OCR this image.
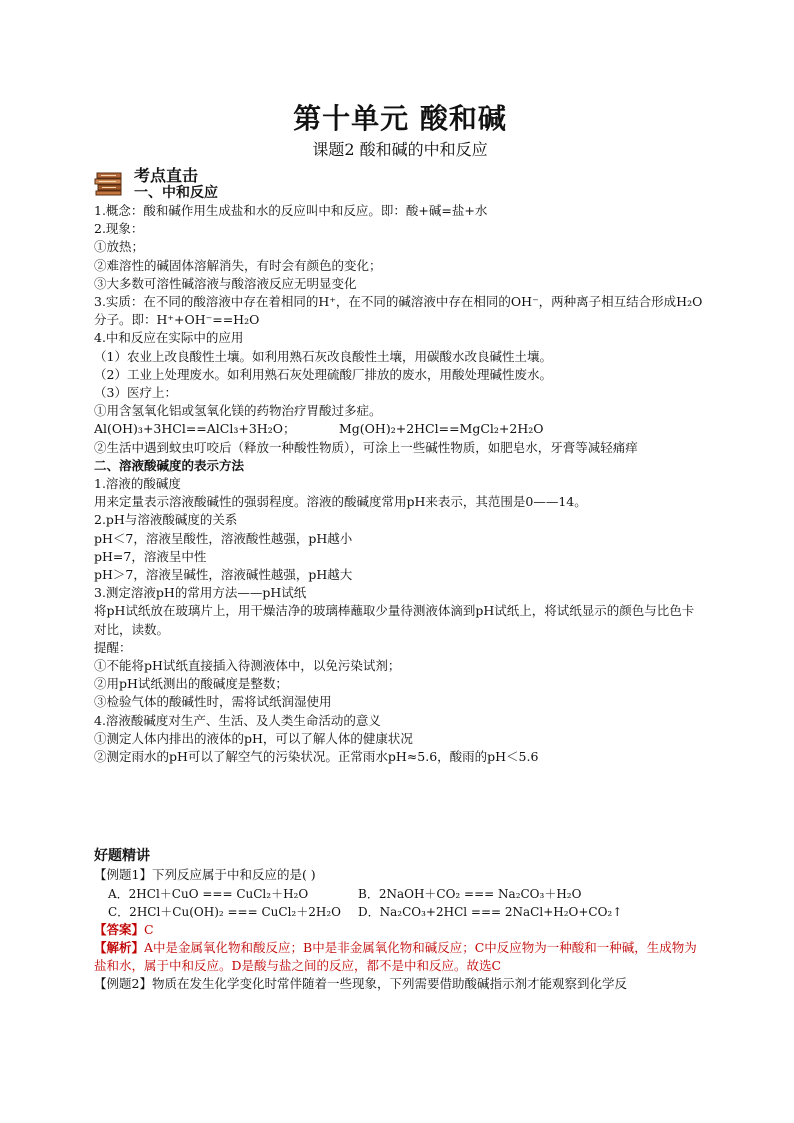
第十单元 酸和碱

课题2 酸和碱的中和反应

考点直击
一、中和反应

1.概念：酸和碱作用生成盐和水的反应叫中和反应。即：酸+碱=盐+水

2.现象：

①放热；

②难溶性的碱固体溶解消失，有时会有颜色的变化；

③大多数可溶性碱溶液与酸溶液反应无明显变化

3.实质：在不同的酸溶液中存在着相同的H⁺，在不同的碱溶液中存在相同的OH⁻，两种离子相互结合形成H₂O分子。即：H⁺+OH⁻==H₂O

4.中和反应在实际中的应用

（1）农业上改良酸性土壤。如利用熟石灰改良酸性土壤，用碳酸水改良碱性土壤。

（2）工业上处理废水。如利用熟石灰处理硫酸厂排放的废水，用酸处理碱性废水。

（3）医疗上：

①用含氢氧化铝或氢氧化镁的药物治疗胃酸过多症。

Al(OH)₃+3HCl==AlCl₃+3H₂O；	Mg(OH)₂+2HCl==MgCl₂+2H₂O

②生活中遇到蚊虫叮咬后（释放一种酸性物质），可涂上一些碱性物质，如肥皂水，牙膏等减轻痛痒

二、溶液酸碱度的表示方法

1.溶液的酸碱度

用来定量表示溶液酸碱性的强弱程度。溶液的酸碱度常用pH来表示，其范围是0——14。

2.pH与溶液酸碱度的关系

pH＜7，溶液呈酸性，溶液酸性越强，pH越小

pH=7，溶液呈中性

pH＞7，溶液呈碱性，溶液碱性越强，pH越大

3.测定溶液pH的常用方法——pH试纸

将pH试纸放在玻璃片上，用干燥洁净的玻璃棒蘸取少量待测液体滴到pH试纸上，将试纸显示的颜色与比色卡对比，读数。

提醒：

①不能将pH试纸直接插入待测液体中，以免污染试剂；

②用pH试纸测出的酸碱度是整数；

③检验气体的酸碱性时，需将试纸润湿使用

4.溶液酸碱度对生产、生活、及人类生命活动的意义

①测定人体内排出的液体的pH，可以了解人体的健康状况

②测定雨水的pH可以了解空气的污染状况。正常雨水pH≈5.6，酸雨的pH＜5.6

好题精讲

【例题1】下列反应属于中和反应的是( )

A．2HCl＋CuO === CuCl₂＋H₂O	B．2NaOH＋CO₂ === Na₂CO₃＋H₂O
C．2HCl＋Cu(OH)₂ === CuCl₂＋2H₂O	D．Na₂CO₃+2HCl === 2NaCl+H₂O+CO₂↑

【答案】C

【解析】A中是金属氧化物和酸反应；B中是非金属氧化物和碱反应；C中反应物为一种酸和一种碱，生成物为盐和水，属于中和反应。D是酸与盐之间的反应，都不是中和反应。故选C

【例题2】物质在发生化学变化时常伴随着一些现象，下列需要借助酸碱指示剂才能观察到化学反
